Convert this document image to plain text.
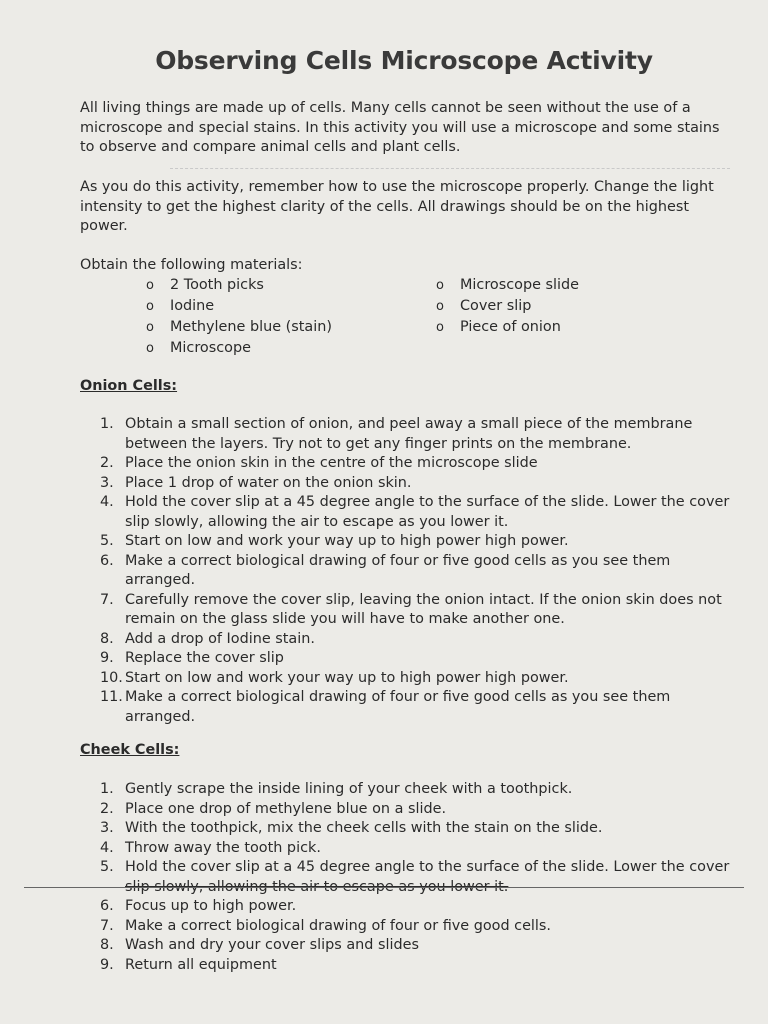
Observing Cells Microscope Activity

All living things are made up of cells. Many cells cannot be seen without the use of a
microscope and special stains. In this activity you will use a microscope and some stains
to observe and compare animal cells and plant cells.

As you do this activity, remember how to use the microscope properly. Change the light
intensity to get the highest clarity of the cells. All drawings should be on the highest
power.

Obtain the following materials:

o 2 Tooth picks
o Iodine
o Methylene blue (stain)
o Microscope
o Microscope slide
o Cover slip
o Piece of onion

Onion Cells:

1. Obtain a small section of onion, and peel away a small piece of the membrane
between the layers. Try not to get any finger prints on the membrane.
2. Place the onion skin in the centre of the microscope slide
3. Place 1 drop of water on the onion skin.
4. Hold the cover slip at a 45 degree angle to the surface of the slide. Lower the cover
slip slowly, allowing the air to escape as you lower it.
5. Start on low and work your way up to high power high power.
6. Make a correct biological drawing of four or five good cells as you see them
arranged.
7. Carefully remove the cover slip, leaving the onion intact. If the onion skin does not
remain on the glass slide you will have to make another one.
8. Add a drop of Iodine stain.
9. Replace the cover slip
10. Start on low and work your way up to high power high power.
11. Make a correct biological drawing of four or five good cells as you see them
arranged.

Cheek Cells:

1. Gently scrape the inside lining of your cheek with a toothpick.
2. Place one drop of methylene blue on a slide.
3. With the toothpick, mix the cheek cells with the stain on the slide.
4. Throw away the tooth pick.
5. Hold the cover slip at a 45 degree angle to the surface of the slide. Lower the cover
slip slowly, allowing the air to escape as you lower it.
6. Focus up to high power.
7. Make a correct biological drawing of four or five good cells.
8. Wash and dry your cover slips and slides
9. Return all equipment
